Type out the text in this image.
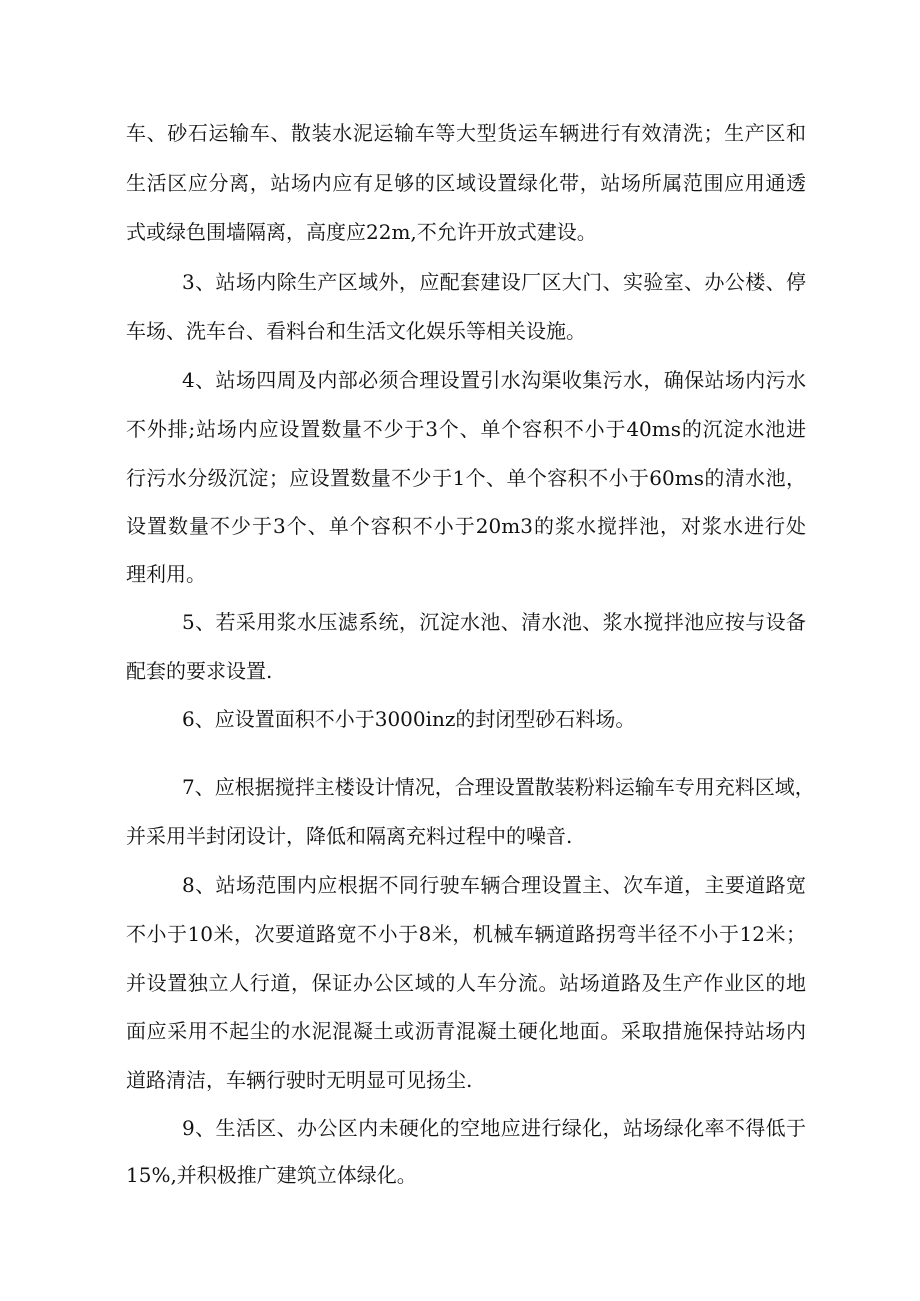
车、砂石运输车、散装水泥运输车等大型货运车辆进行有效清洗；生产区和
生活区应分离，站场内应有足够的区域设置绿化带，站场所属范围应用通透
式或绿色围墙隔离，高度应22m,不允许开放式建设。
3、站场内除生产区域外，应配套建设厂区大门、实验室、办公楼、停
车场、洗车台、看料台和生活文化娱乐等相关设施。
4、站场四周及内部必须合理设置引水沟渠收集污水，确保站场内污水
不外排;站场内应设置数量不少于3个、单个容积不小于40ms的沉淀水池进
行污水分级沉淀；应设置数量不少于1个、单个容积不小于60ms的清水池，
设置数量不少于3个、单个容积不小于20m3的浆水搅拌池，对浆水进行处
理利用。
5、若采用浆水压滤系统，沉淀水池、清水池、浆水搅拌池应按与设备
配套的要求设置.
6、应设置面积不小于3000inz的封闭型砂石料场。
7、应根据搅拌主楼设计情况，合理设置散装粉料运输车专用充料区域，
并采用半封闭设计，降低和隔离充料过程中的噪音.
8、站场范围内应根据不同行驶车辆合理设置主、次车道，主要道路宽
不小于10米，次要道路宽不小于8米，机械车辆道路拐弯半径不小于12米；
并设置独立人行道，保证办公区域的人车分流。站场道路及生产作业区的地
面应采用不起尘的水泥混凝土或沥青混凝土硬化地面。采取措施保持站场内
道路清洁，车辆行驶时无明显可见扬尘.
9、生活区、办公区内未硬化的空地应进行绿化，站场绿化率不得低于
15%,并积极推广建筑立体绿化。
